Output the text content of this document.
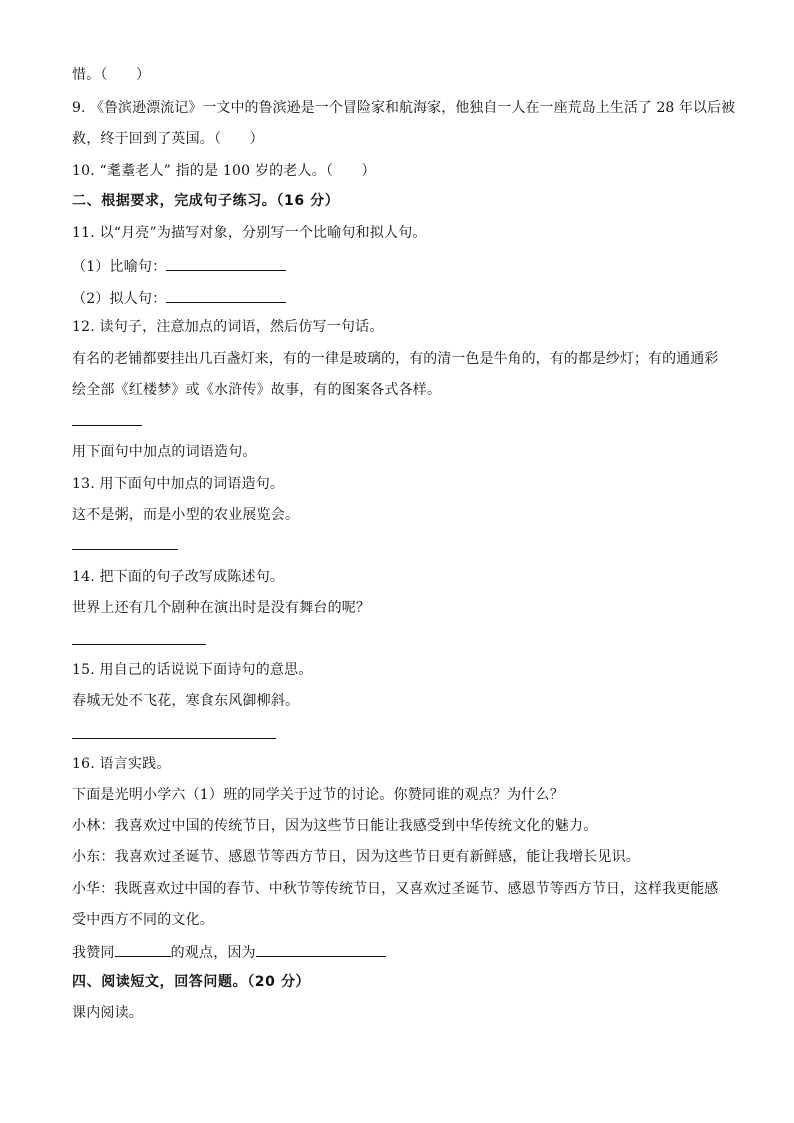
惜。（　　）
9. 《鲁滨逊漂流记》一文中的鲁滨逊是一个冒险家和航海家，他独自一人在一座荒岛上生活了 28 年以后被
救，终于回到了英国。（　　）
10. “耄耋老人” 指的是 100 岁的老人。（　　）
二、根据要求，完成句子练习。（16 分）
11. 以“月亮”为描写对象，分别写一个比喻句和拟人句。
（1）比喻句：
（2）拟人句：
12. 读句子，注意加点的词语，然后仿写一句话。
有名的老铺都要挂出几百盏灯来，有的一律是玻璃的，有的清一色是牛角的，有的都是纱灯；有的通通彩
绘全部《红楼梦》或《水浒传》故事，有的图案各式各样。
用下面句中加点的词语造句。
13. 用下面句中加点的词语造句。
这不是粥，而是小型的农业展览会。
14. 把下面的句子改写成陈述句。
世界上还有几个剧种在演出时是没有舞台的呢？
15. 用自己的话说说下面诗句的意思。
春城无处不飞花，寒食东风御柳斜。
16. 语言实践。
下面是光明小学六（1）班的同学关于过节的讨论。你赞同谁的观点？为什么？
小林：我喜欢过中国的传统节日，因为这些节日能让我感受到中华传统文化的魅力。
小东：我喜欢过圣诞节、感恩节等西方节日，因为这些节日更有新鲜感，能让我增长见识。
小华：我既喜欢过中国的春节、中秋节等传统节日，又喜欢过圣诞节、感恩节等西方节日，这样我更能感
受中西方不同的文化。
我赞同	的观点，因为
四、阅读短文，回答问题。（20 分）
课内阅读。
